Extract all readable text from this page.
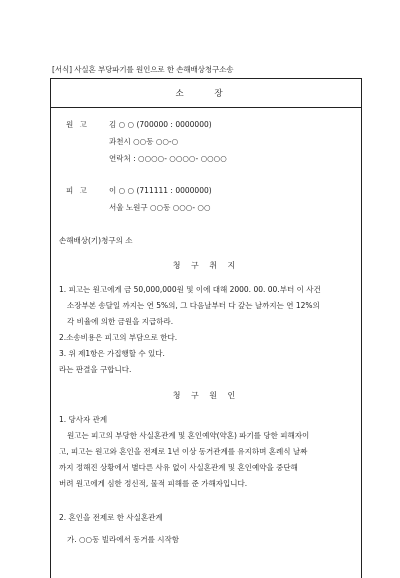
[서식] 사실혼 부당파기를 원인으로 한 손해배상청구소송
소 장
원 고	김 ○ ○ (700000 : 0000000)
과천시 ○○동 ○○-○
연락처 : ○○○○- ○○○○- ○○○○
피 고	이 ○ ○ (711111 : 0000000)
서울 노원구 ○○동 ○○○- ○○
손해배상(기)청구의 소
청 구 취 지
1. 피고는 원고에게 금 50,000,000원 및 이에 대해 2000. 00. 00.부터 이 사건
소장부본 송달일 까지는 연 5%의, 그 다음날부터 다 갚는 날까지는 연 12%의
각 비율에 의한 금원을 지급하라.
2.소송비용은 피고의 부담으로 한다.
3. 위 제1항은 가집행할 수 있다.
라는 판결을 구합니다.
청 구 원 인
1. 당사자 관계
원고는 피고의 부당한 사실혼관계 및 혼인예약(약혼) 파기를 당한 피해자이
고, 피고는 원고와 혼인을 전제로 1년 이상 동거관계를 유지하며 혼례식 날짜
까지 정해진 상황에서 별다른 사유 없이 사실혼관계 및 혼인예약을 중단해
버려 원고에게 심한 정신적, 물적 피해를 준 가해자입니다.
2. 혼인을 전제로 한 사실혼관계
가. ○○동 빌라에서 동거를 시작함
